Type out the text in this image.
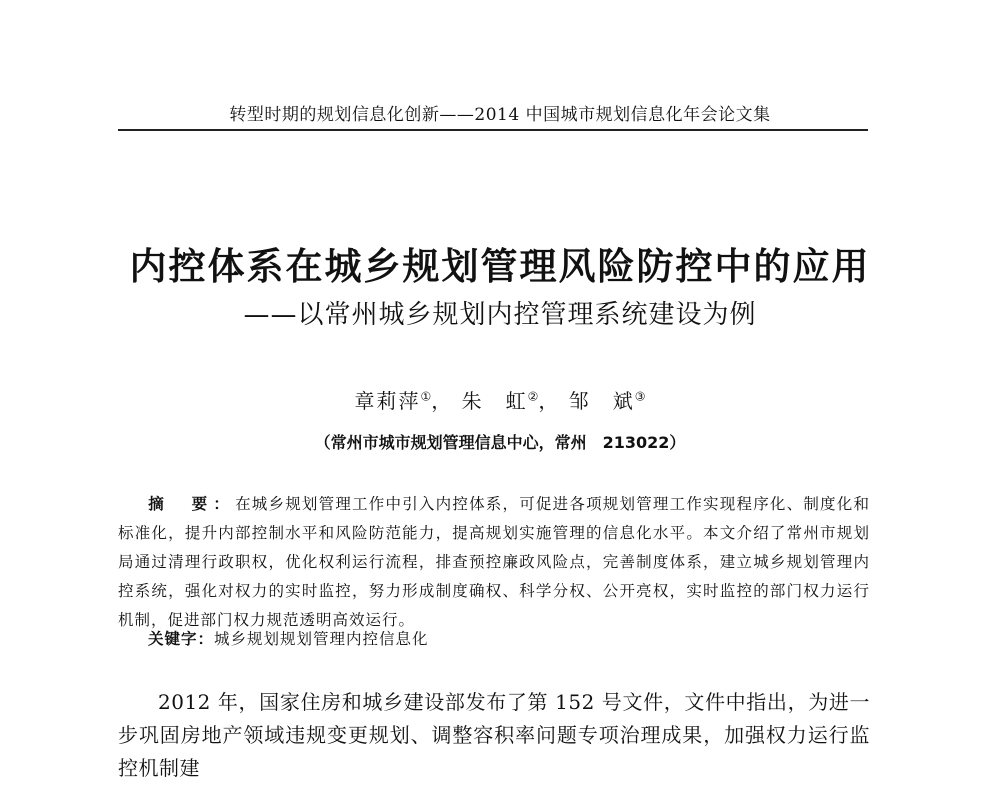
转型时期的规划信息化创新——2014 中国城市规划信息化年会论文集
内控体系在城乡规划管理风险防控中的应用
——以常州城乡规划内控管理系统建设为例
章莉萍①， 朱　虹②， 邹　斌③
（常州市城市规划管理信息中心，常州　213022）
摘　要：在城乡规划管理工作中引入内控体系，可促进各项规划管理工作实现程序化、制度化和标准化，提升内部控制水平和风险防范能力，提高规划实施管理的信息化水平。本文介绍了常州市规划局通过清理行政职权，优化权利运行流程，排查预控廉政风险点，完善制度体系，建立城乡规划管理内控系统，强化对权力的实时监控，努力形成制度确权、科学分权、公开亮权，实时监控的部门权力运行机制，促进部门权力规范透明高效运行。
关键字：城乡规划规划管理内控信息化
2012 年，国家住房和城乡建设部发布了第 152 号文件，文件中指出，为进一步巩固房地产领域违规变更规划、调整容积率问题专项治理成果，加强权力运行监控机制建
